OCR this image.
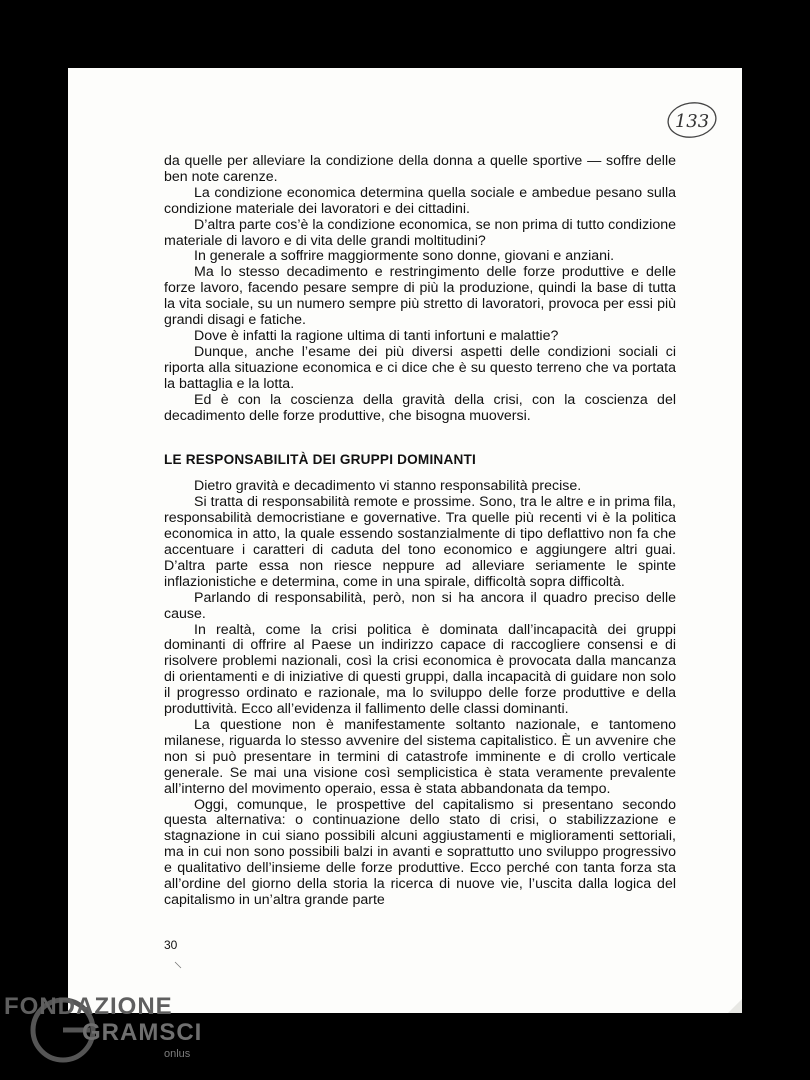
133

da quelle per alleviare la condizione della donna a quelle sportive — soffre delle ben note carenze.

La condizione economica determina quella sociale e ambedue pesano sulla condizione materiale dei lavoratori e dei cittadini.

D’altra parte cos’è la condizione economica, se non prima di tutto condizione materiale di lavoro e di vita delle grandi moltitudini?

In generale a soffrire maggiormente sono donne, giovani e anziani.

Ma lo stesso decadimento e restringimento delle forze produttive e delle forze lavoro, facendo pesare sempre di più la produzione, quindi la base di tutta la vita sociale, su un numero sempre più stretto di lavoratori, provoca per essi più grandi disagi e fatiche.

Dove è infatti la ragione ultima di tanti infortuni e malattie?

Dunque, anche l’esame dei più diversi aspetti delle condizioni sociali ci riporta alla situazione economica e ci dice che è su questo terreno che va portata la battaglia e la lotta.

Ed è con la coscienza della gravità della crisi, con la coscienza del decadimento delle forze produttive, che bisogna muoversi.

LE RESPONSABILITÀ DEI GRUPPI DOMINANTI

Dietro gravità e decadimento vi stanno responsabilità precise.

Si tratta di responsabilità remote e prossime. Sono, tra le altre e in prima fila, responsabilità democristiane e governative. Tra quelle più recenti vi è la politica economica in atto, la quale essendo sostanzialmente di tipo deflattivo non fa che accentuare i caratteri di caduta del tono economico e aggiungere altri guai. D’altra parte essa non riesce neppure ad alleviare seriamente le spinte inflazionistiche e determina, come in una spirale, difficoltà sopra difficoltà.

Parlando di responsabilità, però, non si ha ancora il quadro preciso delle cause.

In realtà, come la crisi politica è dominata dall’incapacità dei gruppi dominanti di offrire al Paese un indirizzo capace di raccogliere consensi e di risolvere problemi nazionali, così la crisi economica è provocata dalla mancanza di orientamenti e di iniziative di questi gruppi, dalla incapacità di guidare non solo il progresso ordinato e razionale, ma lo sviluppo delle forze produttive e della produttività. Ecco all’evidenza il fallimento delle classi dominanti.

La questione non è manifestamente soltanto nazionale, e tantomeno milanese, riguarda lo stesso avvenire del sistema capitalistico. È un avvenire che non si può presentare in termini di catastrofe imminente e di crollo verticale generale. Se mai una visione così semplicistica è stata veramente prevalente all’interno del movimento operaio, essa è stata abbandonata da tempo.

Oggi, comunque, le prospettive del capitalismo si presentano secondo questa alternativa: o continuazione dello stato di crisi, o stabilizzazione e stagnazione in cui siano possibili alcuni aggiustamenti e miglioramenti settoriali, ma in cui non sono possibili balzi in avanti e soprattutto uno sviluppo progressivo e qualitativo dell’insieme delle forze produttive. Ecco perché con tanta forza sta all’ordine del giorno della storia la ricerca di nuove vie, l’uscita dalla logica del capitalismo in un’altra grande parte

30
FONDAZIONE
GRAMSCI
onlus
